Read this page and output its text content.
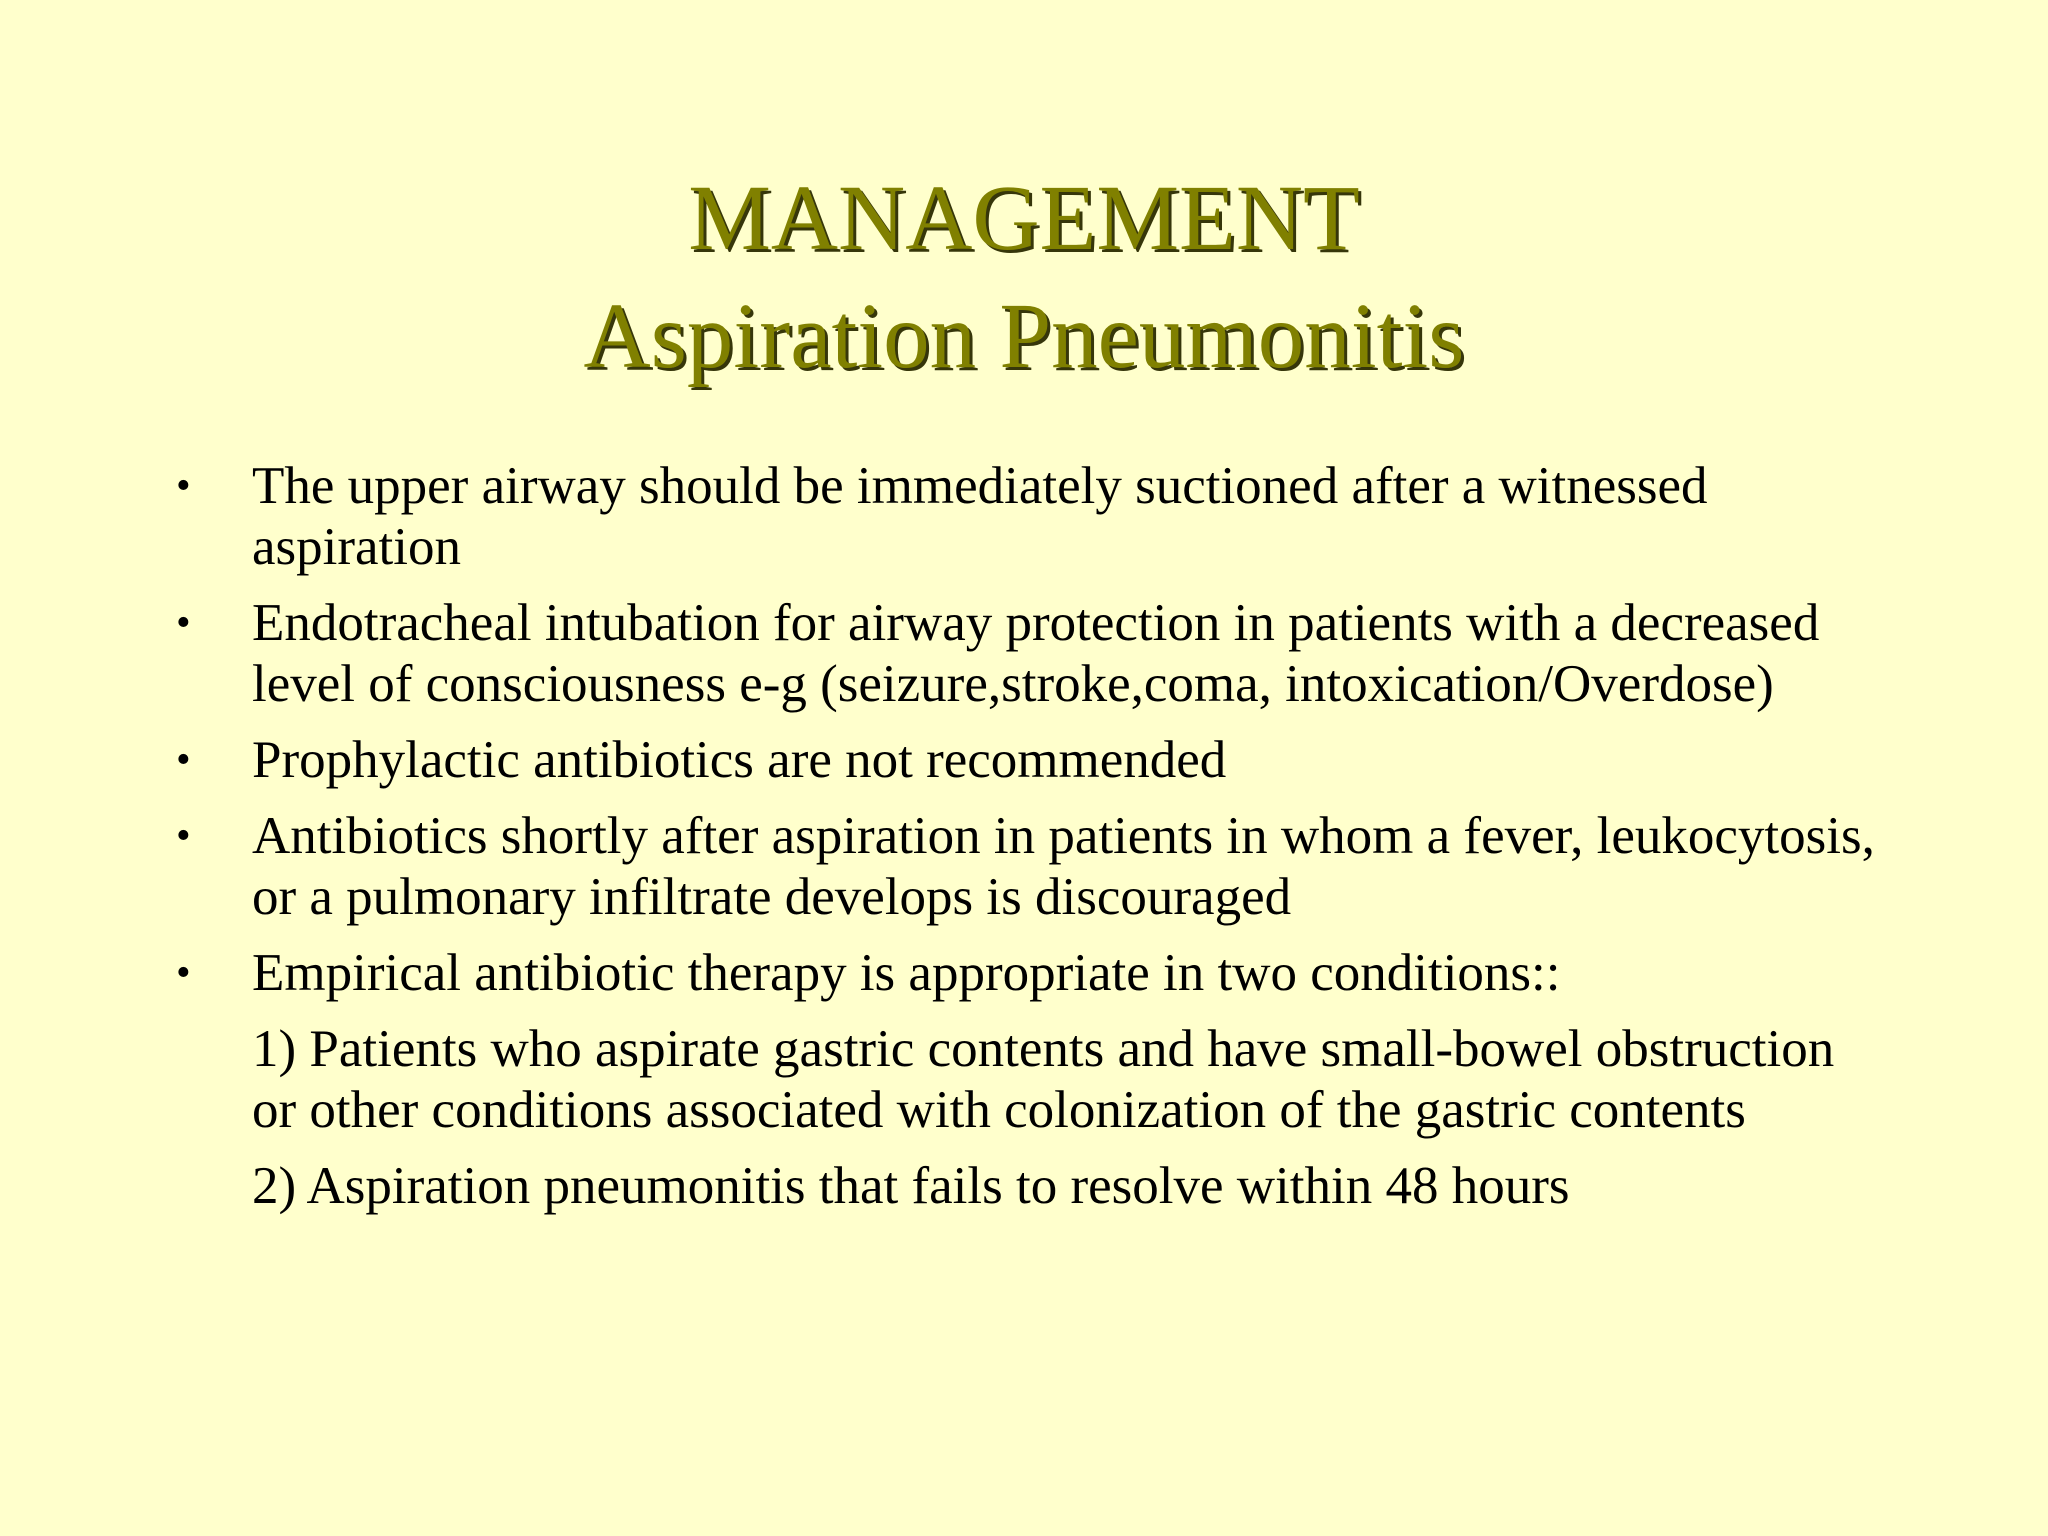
MANAGEMENT
Aspiration Pneumonitis
•	The upper airway should be immediately suctioned after a witnessed aspiration
•	Endotracheal intubation for airway protection in patients with a decreased level of consciousness e-g (seizure,stroke,coma, intoxication/Overdose)
•	Prophylactic antibiotics are not recommended
•	Antibiotics shortly after aspiration in patients in whom a fever, leukocytosis, or a pulmonary infiltrate develops is discouraged
•	Empirical antibiotic therapy is appropriate in two conditions::
1) Patients who aspirate gastric contents and have small-bowel obstruction or other conditions associated with colonization of the gastric contents
2) Aspiration pneumonitis that fails to resolve within 48 hours
